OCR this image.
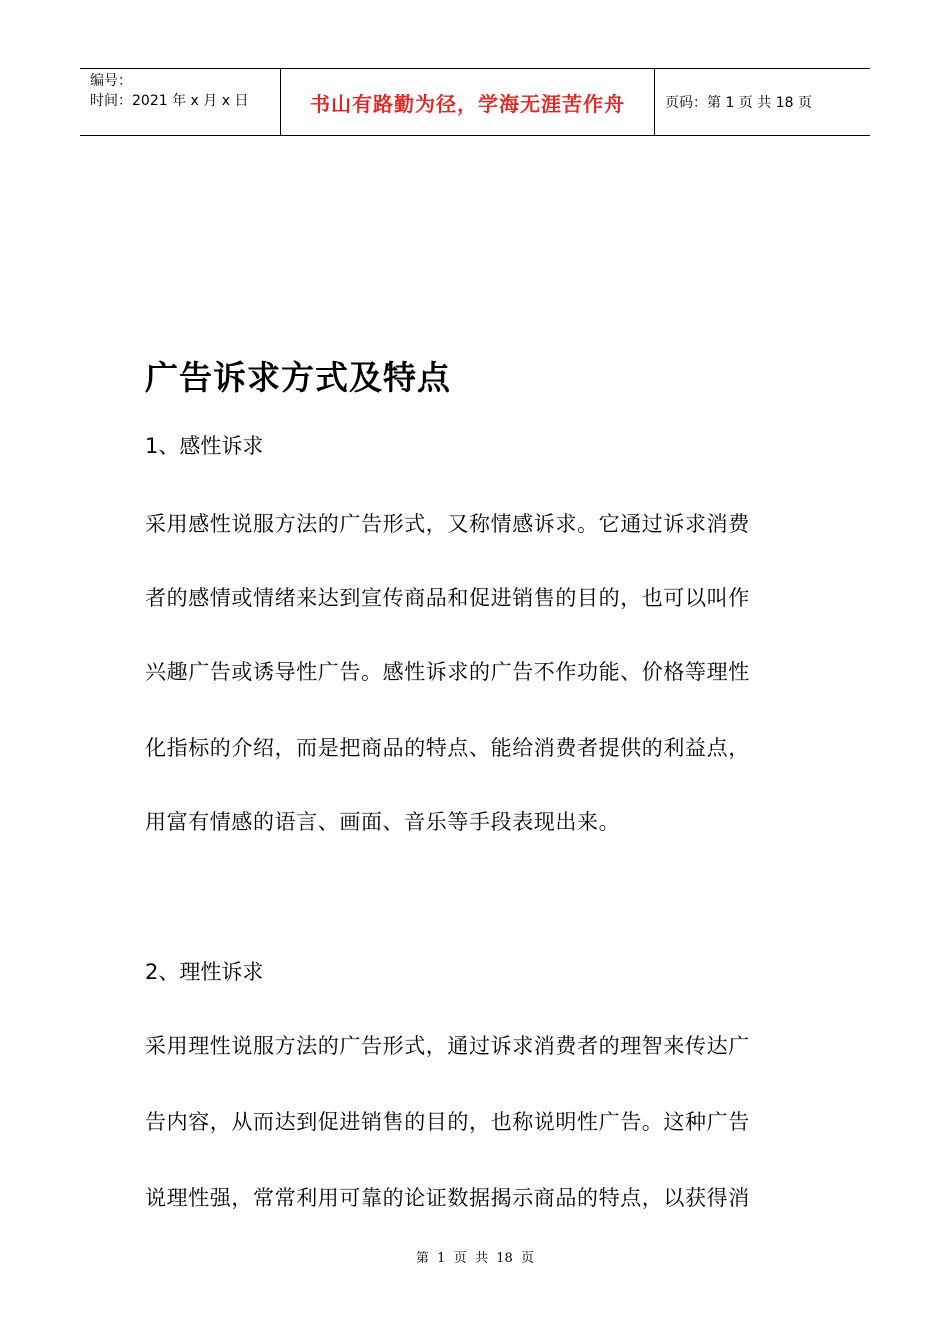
编号：
时间：2021 年 x 月 x 日	书山有路勤为径，学海无涯苦作舟	页码：第 1 页 共 18 页
广告诉求方式及特点
1、感性诉求
采用感性说服方法的广告形式，又称情感诉求。它通过诉求消费
者的感情或情绪来达到宣传商品和促进销售的目的，也可以叫作
兴趣广告或诱导性广告。感性诉求的广告不作功能、价格等理性
化指标的介绍，而是把商品的特点、能给消费者提供的利益点，
用富有情感的语言、画面、音乐等手段表现出来。
2、理性诉求
采用理性说服方法的广告形式，通过诉求消费者的理智来传达广
告内容，从而达到促进销售的目的，也称说明性广告。这种广告
说理性强，常常利用可靠的论证数据揭示商品的特点，以获得消
第  1  页  共  18  页
